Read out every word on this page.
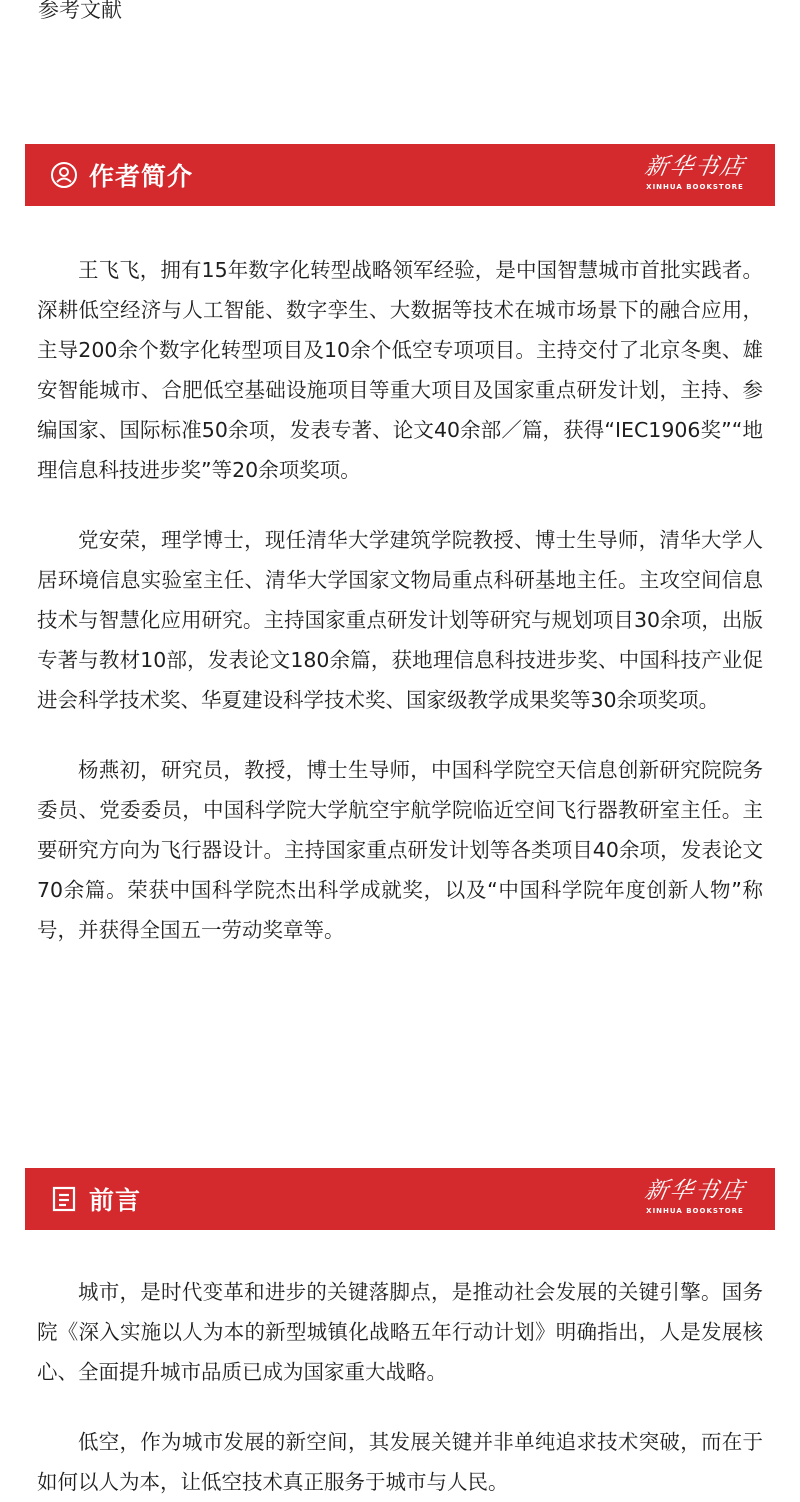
参考文献
作者简介	新华书店
XINHUA BOOKSTORE

王飞飞，拥有15年数字化转型战略领军经验，是中国智慧城市首批实践者。深耕低空经济与人工智能、数字孪生、大数据等技术在城市场景下的融合应用，主导200余个数字化转型项目及10余个低空专项项目。主持交付了北京冬奥、雄安智能城市、合肥低空基础设施项目等重大项目及国家重点研发计划，主持、参编国家、国际标准50余项，发表专著、论文40余部／篇，获得“IEC1906奖”“地理信息科技进步奖”等20余项奖项。

党安荣，理学博士，现任清华大学建筑学院教授、博士生导师，清华大学人居环境信息实验室主任、清华大学国家文物局重点科研基地主任。主攻空间信息技术与智慧化应用研究。主持国家重点研发计划等研究与规划项目30余项，出版专著与教材10部，发表论文180余篇，获地理信息科技进步奖、中国科技产业促进会科学技术奖、华夏建设科学技术奖、国家级教学成果奖等30余项奖项。

杨燕初，研究员，教授，博士生导师，中国科学院空天信息创新研究院院务委员、党委委员，中国科学院大学航空宇航学院临近空间飞行器教研室主任。主要研究方向为飞行器设计。主持国家重点研发计划等各类项目40余项，发表论文70余篇。荣获中国科学院杰出科学成就奖，以及“中国科学院年度创新人物”称号，并获得全国五一劳动奖章等。

前言	新华书店
XINHUA BOOKSTORE

城市，是时代变革和进步的关键落脚点，是推动社会发展的关键引擎。国务院《深入实施以人为本的新型城镇化战略五年行动计划》明确指出，人是发展核心、全面提升城市品质已成为国家重大战略。

低空，作为城市发展的新空间，其发展关键并非单纯追求技术突破，而在于如何以人为本，让低空技术真正服务于城市与人民。
